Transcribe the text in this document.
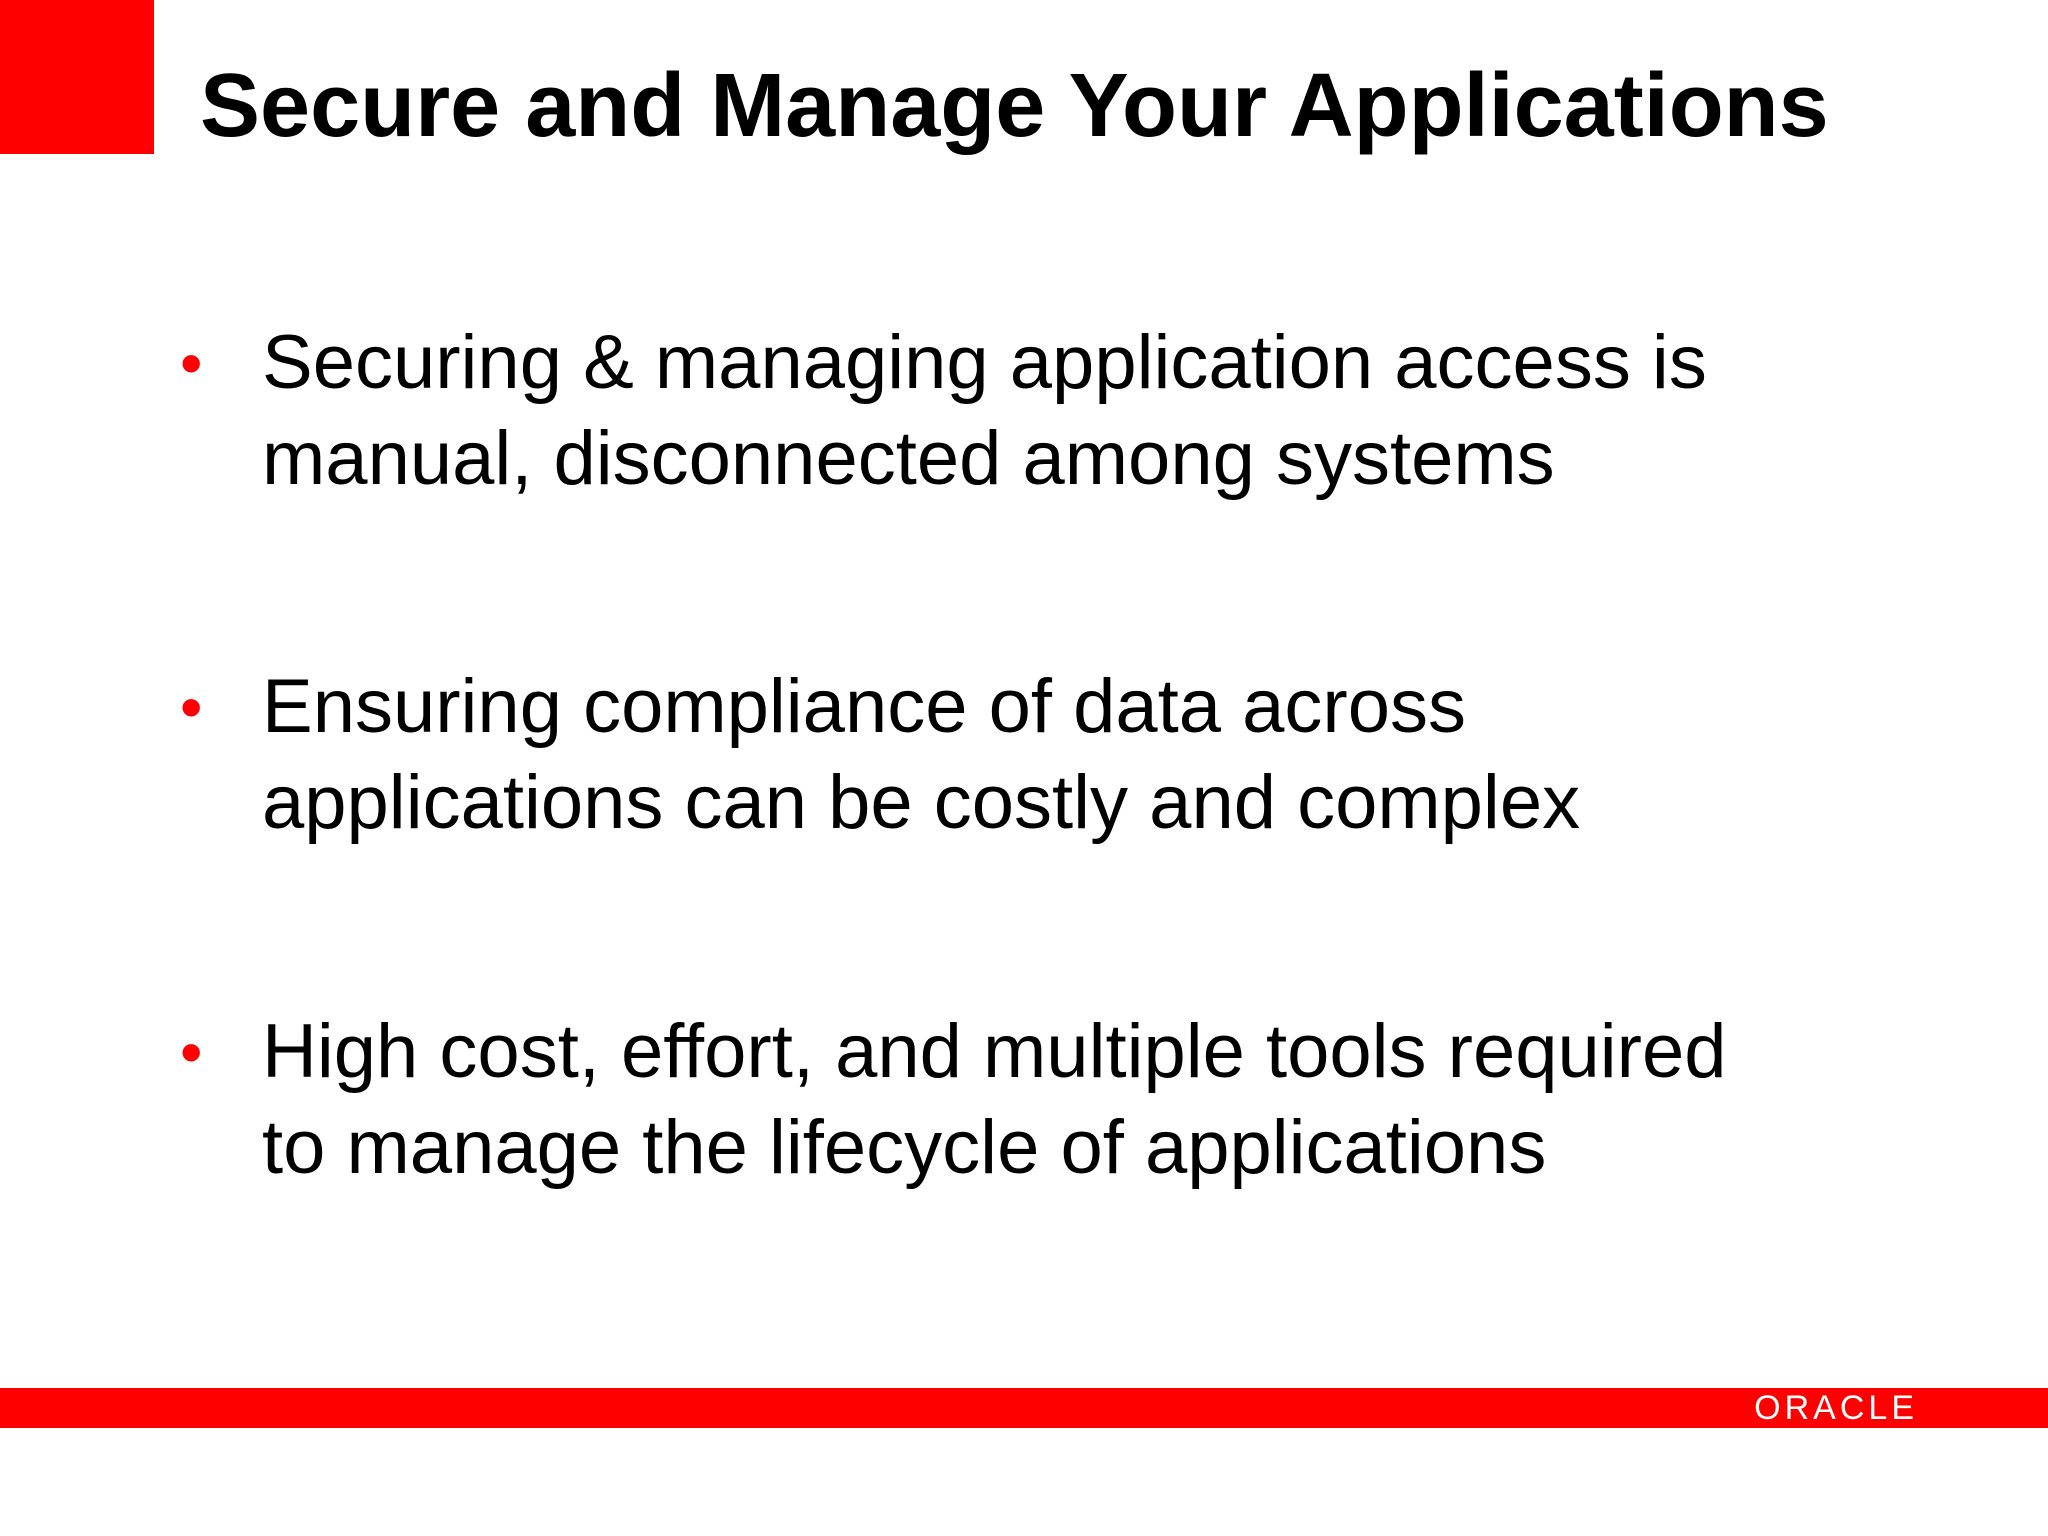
Secure and Manage Your Applications
• Securing & managing application access is
manual, disconnected among systems
• Ensuring compliance of data across
applications can be costly and complex
• High cost, effort, and multiple tools required
to manage the lifecycle of applications
ORACLE
